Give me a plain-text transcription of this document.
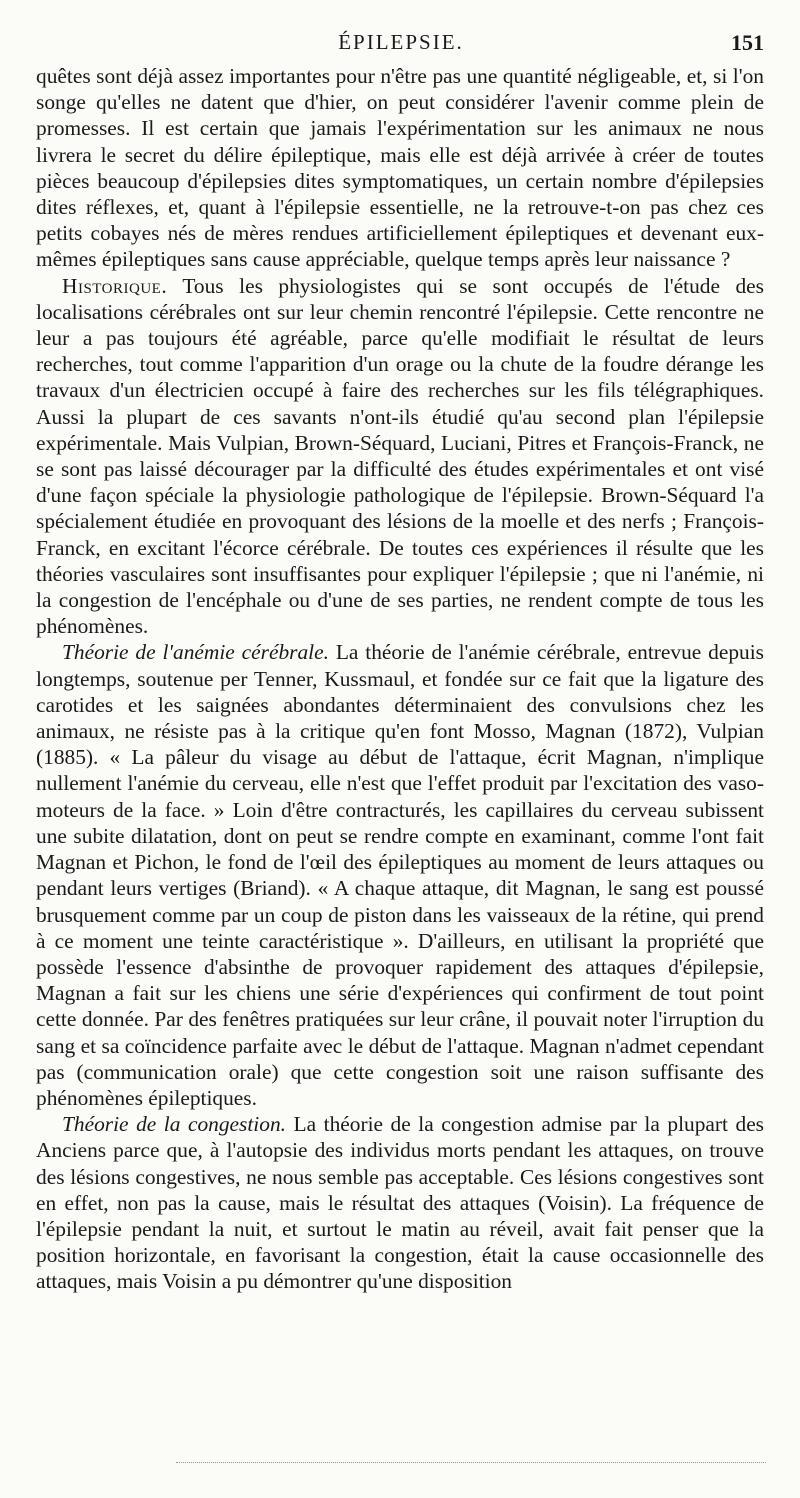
ÉPILEPSIE.	151

quêtes sont déjà assez importantes pour n'être pas une quantité négligeable, et, si l'on songe qu'elles ne datent que d'hier, on peut considérer l'avenir comme plein de promesses. Il est certain que jamais l'expérimentation sur les animaux ne nous livrera le secret du délire épileptique, mais elle est déjà arrivée à créer de toutes pièces beaucoup d'épilepsies dites symptomatiques, un certain nombre d'épilepsies dites réflexes, et, quant à l'épilepsie essentielle, ne la retrouve-t-on pas chez ces petits cobayes nés de mères rendues artificiellement épileptiques et devenant eux-mêmes épileptiques sans cause appréciable, quelque temps après leur naissance ?

Historique. Tous les physiologistes qui se sont occupés de l'étude des localisations cérébrales ont sur leur chemin rencontré l'épilepsie. Cette rencontre ne leur a pas toujours été agréable, parce qu'elle modifiait le résultat de leurs recherches, tout comme l'apparition d'un orage ou la chute de la foudre dérange les travaux d'un électricien occupé à faire des recherches sur les fils télégraphiques. Aussi la plupart de ces savants n'ont-ils étudié qu'au second plan l'épilepsie expérimentale. Mais Vulpian, Brown-Séquard, Luciani, Pitres et François-Franck, ne se sont pas laissé décourager par la difficulté des études expérimentales et ont visé d'une façon spéciale la physiologie pathologique de l'épilepsie. Brown-Séquard l'a spécialement étudiée en provoquant des lésions de la moelle et des nerfs ; François-Franck, en excitant l'écorce cérébrale. De toutes ces expériences il résulte que les théories vasculaires sont insuffisantes pour expliquer l'épilepsie ; que ni l'anémie, ni la congestion de l'encéphale ou d'une de ses parties, ne rendent compte de tous les phénomènes.

Théorie de l'anémie cérébrale. La théorie de l'anémie cérébrale, entrevue depuis longtemps, soutenue per Tenner, Kussmaul, et fondée sur ce fait que la ligature des carotides et les saignées abondantes déterminaient des convulsions chez les animaux, ne résiste pas à la critique qu'en font Mosso, Magnan (1872), Vulpian (1885). « La pâleur du visage au début de l'attaque, écrit Magnan, n'implique nullement l'anémie du cerveau, elle n'est que l'effet produit par l'excitation des vaso-moteurs de la face. » Loin d'être contracturés, les capillaires du cerveau subissent une subite dilatation, dont on peut se rendre compte en examinant, comme l'ont fait Magnan et Pichon, le fond de l'œil des épileptiques au moment de leurs attaques ou pendant leurs vertiges (Briand). « A chaque attaque, dit Magnan, le sang est poussé brusquement comme par un coup de piston dans les vaisseaux de la rétine, qui prend à ce moment une teinte caractéristique ». D'ailleurs, en utilisant la propriété que possède l'essence d'absinthe de provoquer rapidement des attaques d'épilepsie, Magnan a fait sur les chiens une série d'expériences qui confirment de tout point cette donnée. Par des fenêtres pratiquées sur leur crâne, il pouvait noter l'irruption du sang et sa coïncidence parfaite avec le début de l'attaque. Magnan n'admet cependant pas (communication orale) que cette congestion soit une raison suffisante des phénomènes épileptiques.

Théorie de la congestion. La théorie de la congestion admise par la plupart des Anciens parce que, à l'autopsie des individus morts pendant les attaques, on trouve des lésions congestives, ne nous semble pas acceptable. Ces lésions congestives sont en effet, non pas la cause, mais le résultat des attaques (Voisin). La fréquence de l'épilepsie pendant la nuit, et surtout le matin au réveil, avait fait penser que la position horizontale, en favorisant la congestion, était la cause occasionnelle des attaques, mais Voisin a pu démontrer qu'une disposition
